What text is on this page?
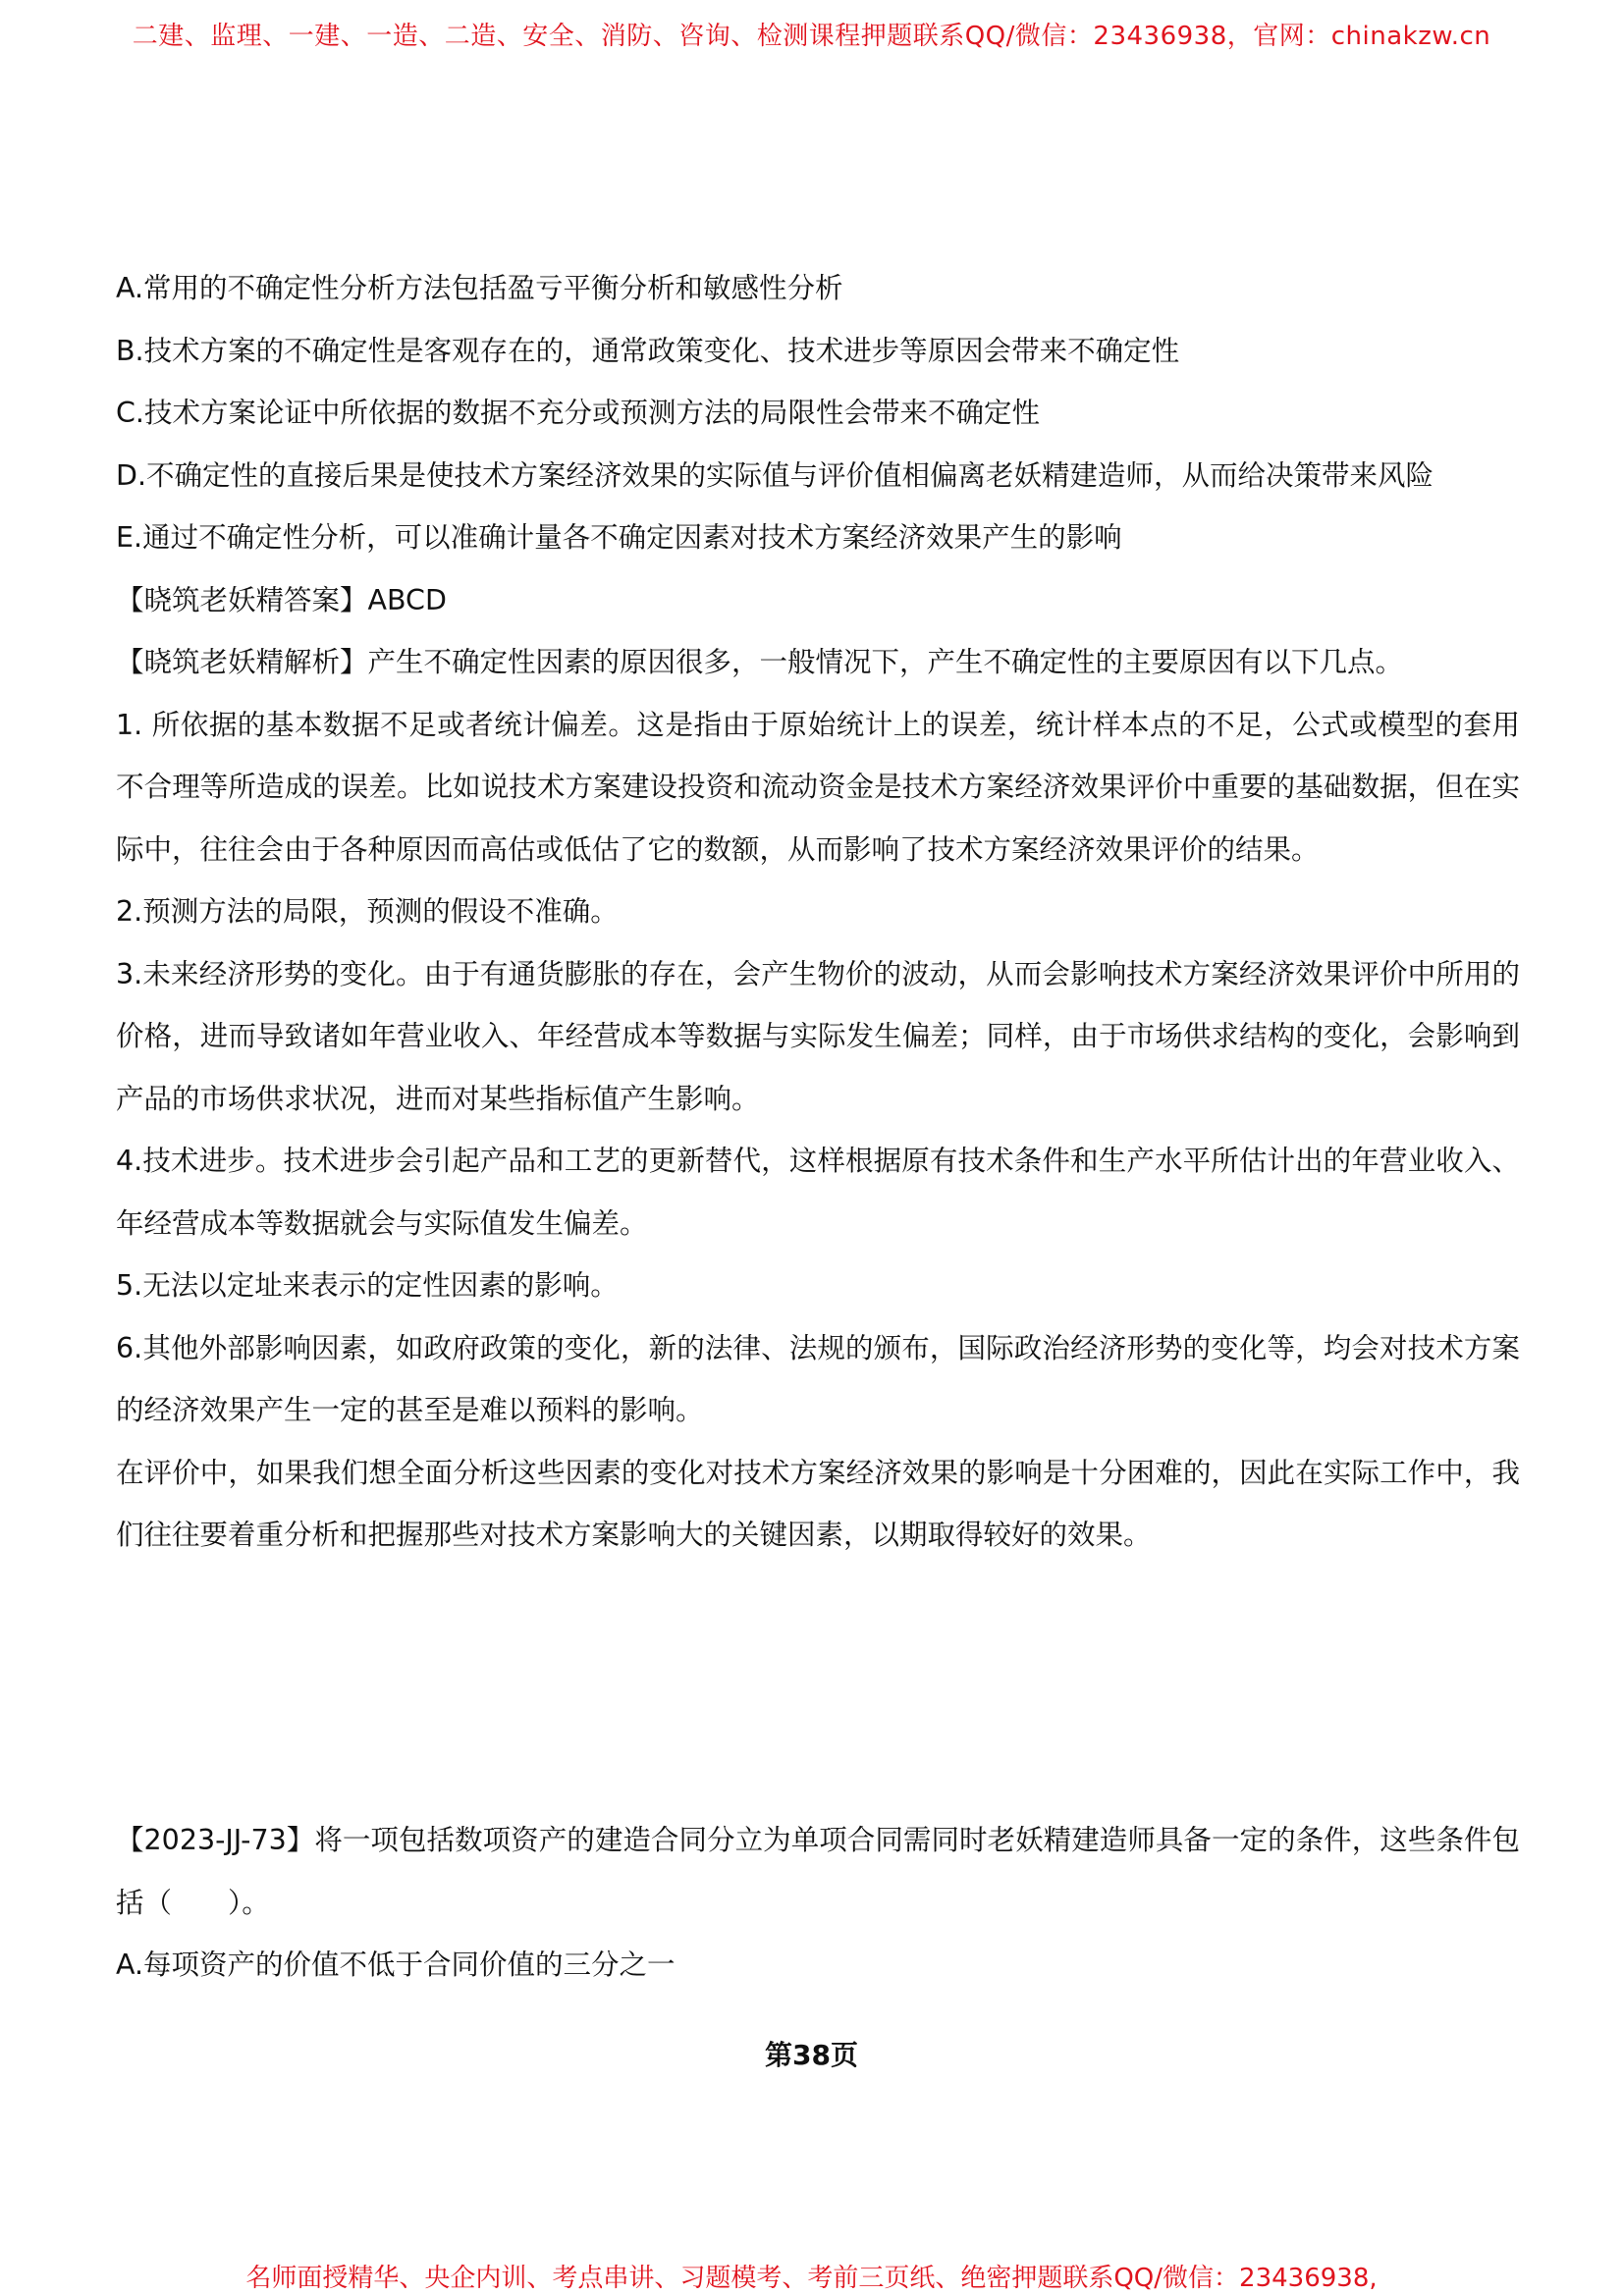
二建、监理、一建、一造、二造、安全、消防、咨询、检测课程押题联系QQ/微信：23436938，官网：chinakzw.cn

A.常用的不确定性分析方法包括盈亏平衡分析和敏感性分析

B.技术方案的不确定性是客观存在的，通常政策变化、技术进步等原因会带来不确定性

C.技术方案论证中所依据的数据不充分或预测方法的局限性会带来不确定性

D.不确定性的直接后果是使技术方案经济效果的实际值与评价值相偏离老妖精建造师，从而给决策带来风险

E.通过不确定性分析，可以准确计量各不确定因素对技术方案经济效果产生的影响

【晓筑老妖精答案】ABCD

【晓筑老妖精解析】产生不确定性因素的原因很多，一般情况下，产生不确定性的主要原因有以下几点。

1. 所依据的基本数据不足或者统计偏差。这是指由于原始统计上的误差，统计样本点的不足，公式或模型的套用不合理等所造成的误差。比如说技术方案建设投资和流动资金是技术方案经济效果评价中重要的基础数据，但在实际中，往往会由于各种原因而高估或低估了它的数额，从而影响了技术方案经济效果评价的结果。

2.预测方法的局限，预测的假设不准确。

3.未来经济形势的变化。由于有通货膨胀的存在，会产生物价的波动，从而会影响技术方案经济效果评价中所用的价格，进而导致诸如年营业收入、年经营成本等数据与实际发生偏差；同样，由于市场供求结构的变化，会影响到产品的市场供求状况，进而对某些指标值产生影响。

4.技术进步。技术进步会引起产品和工艺的更新替代，这样根据原有技术条件和生产水平所估计出的年营业收入、年经营成本等数据就会与实际值发生偏差。

5.无法以定址来表示的定性因素的影响。

6.其他外部影响因素，如政府政策的变化，新的法律、法规的颁布，国际政治经济形势的变化等，均会对技术方案的经济效果产生一定的甚至是难以预料的影响。

在评价中，如果我们想全面分析这些因素的变化对技术方案经济效果的影响是十分困难的，因此在实际工作中，我们往往要着重分析和把握那些对技术方案影响大的关键因素，以期取得较好的效果。

【2023-JJ-73】将一项包括数项资产的建造合同分立为单项合同需同时老妖精建造师具备一定的条件，这些条件包括（　　）。

A.每项资产的价值不低于合同价值的三分之一

第38页
名师面授精华、央企内训、考点串讲、习题模考、考前三页纸、绝密押题联系QQ/微信：23436938,
